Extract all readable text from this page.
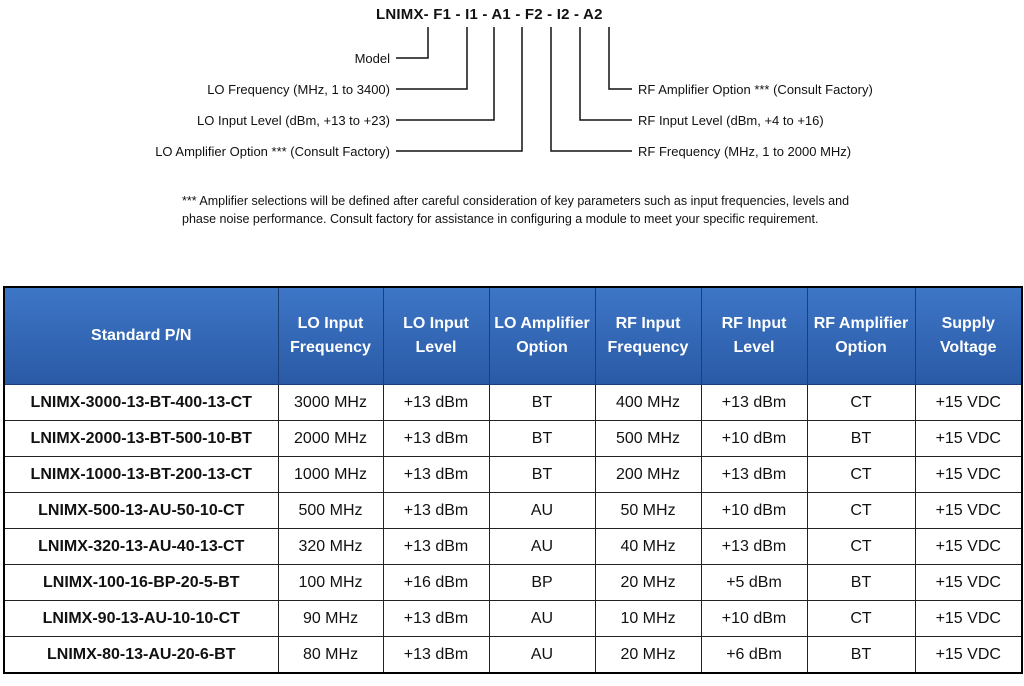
LNIMX- F1 - I1 - A1 - F2 - I2 - A2
Model
LO Frequency (MHz, 1 to 3400)
LO Input Level (dBm, +13 to +23)
LO Amplifier Option *** (Consult Factory)
RF Amplifier Option *** (Consult Factory)
RF Input Level (dBm, +4 to +16)
RF Frequency (MHz, 1 to 2000 MHz)
*** Amplifier selections will be defined after careful consideration of key parameters such as input frequencies, levels and phase noise performance. Consult factory for assistance in configuring a module to meet your specific requirement.
Standard P/N	LO Input Frequency	LO Input Level	LO Amplifier Option	RF Input Frequency	RF Input Level	RF Amplifier Option	Supply Voltage
LNIMX-3000-13-BT-400-13-CT	3000 MHz	+13 dBm	BT	400 MHz	+13 dBm	CT	+15 VDC
LNIMX-2000-13-BT-500-10-BT	2000 MHz	+13 dBm	BT	500 MHz	+10 dBm	BT	+15 VDC
LNIMX-1000-13-BT-200-13-CT	1000 MHz	+13 dBm	BT	200 MHz	+13 dBm	CT	+15 VDC
LNIMX-500-13-AU-50-10-CT	500 MHz	+13 dBm	AU	50 MHz	+10 dBm	CT	+15 VDC
LNIMX-320-13-AU-40-13-CT	320 MHz	+13 dBm	AU	40 MHz	+13 dBm	CT	+15 VDC
LNIMX-100-16-BP-20-5-BT	100 MHz	+16 dBm	BP	20 MHz	+5 dBm	BT	+15 VDC
LNIMX-90-13-AU-10-10-CT	90 MHz	+13 dBm	AU	10 MHz	+10 dBm	CT	+15 VDC
LNIMX-80-13-AU-20-6-BT	80 MHz	+13 dBm	AU	20 MHz	+6 dBm	BT	+15 VDC
